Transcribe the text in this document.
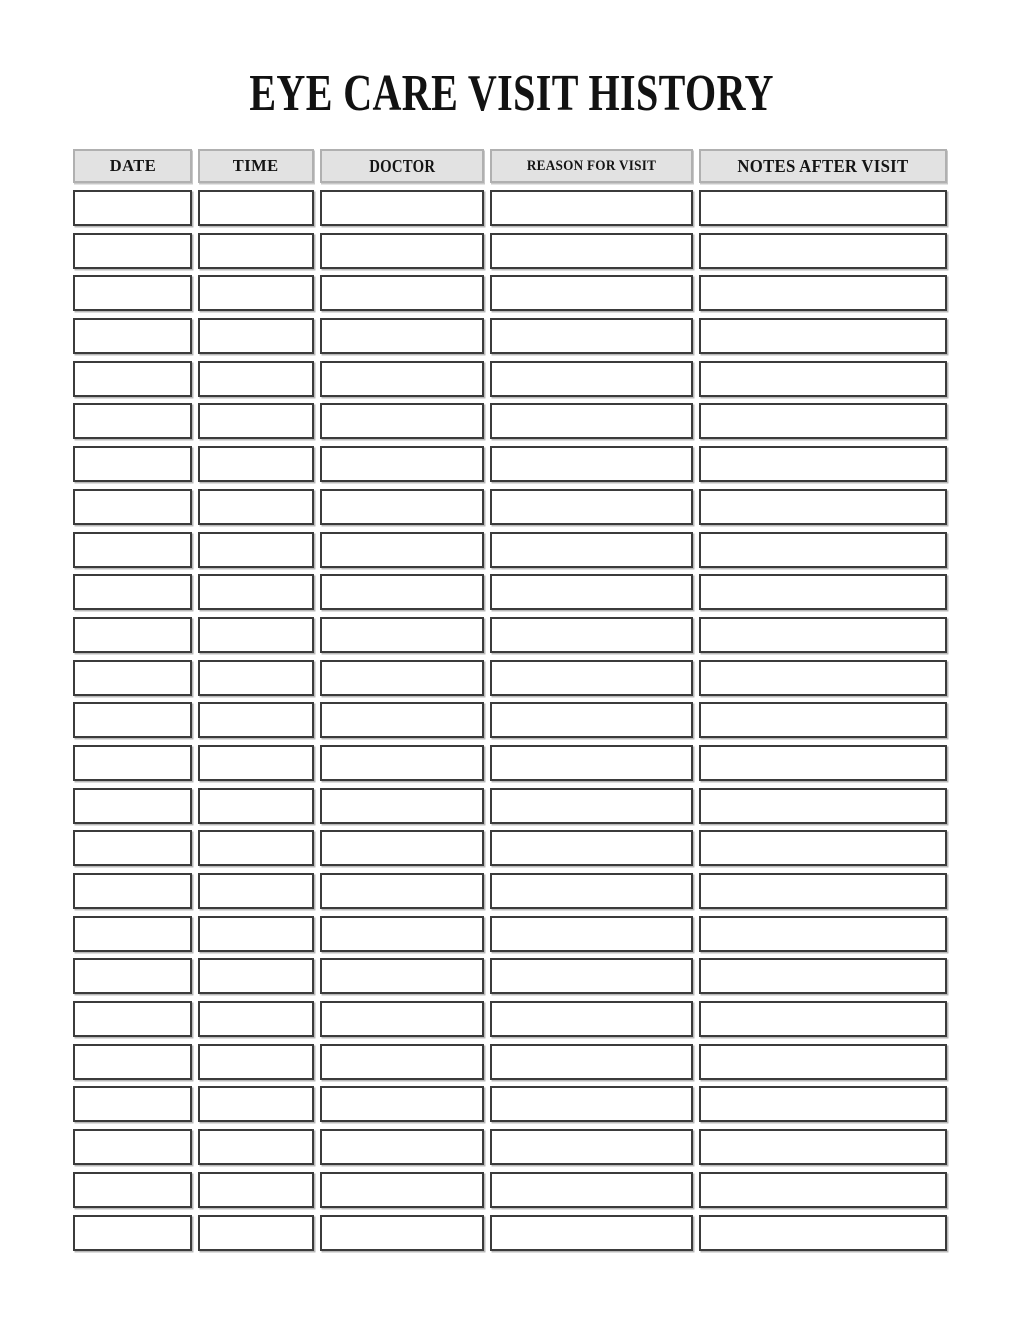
EYE CARE VISIT HISTORY
DATE	TIME	DOCTOR	REASON FOR VISIT	NOTES AFTER VISIT
